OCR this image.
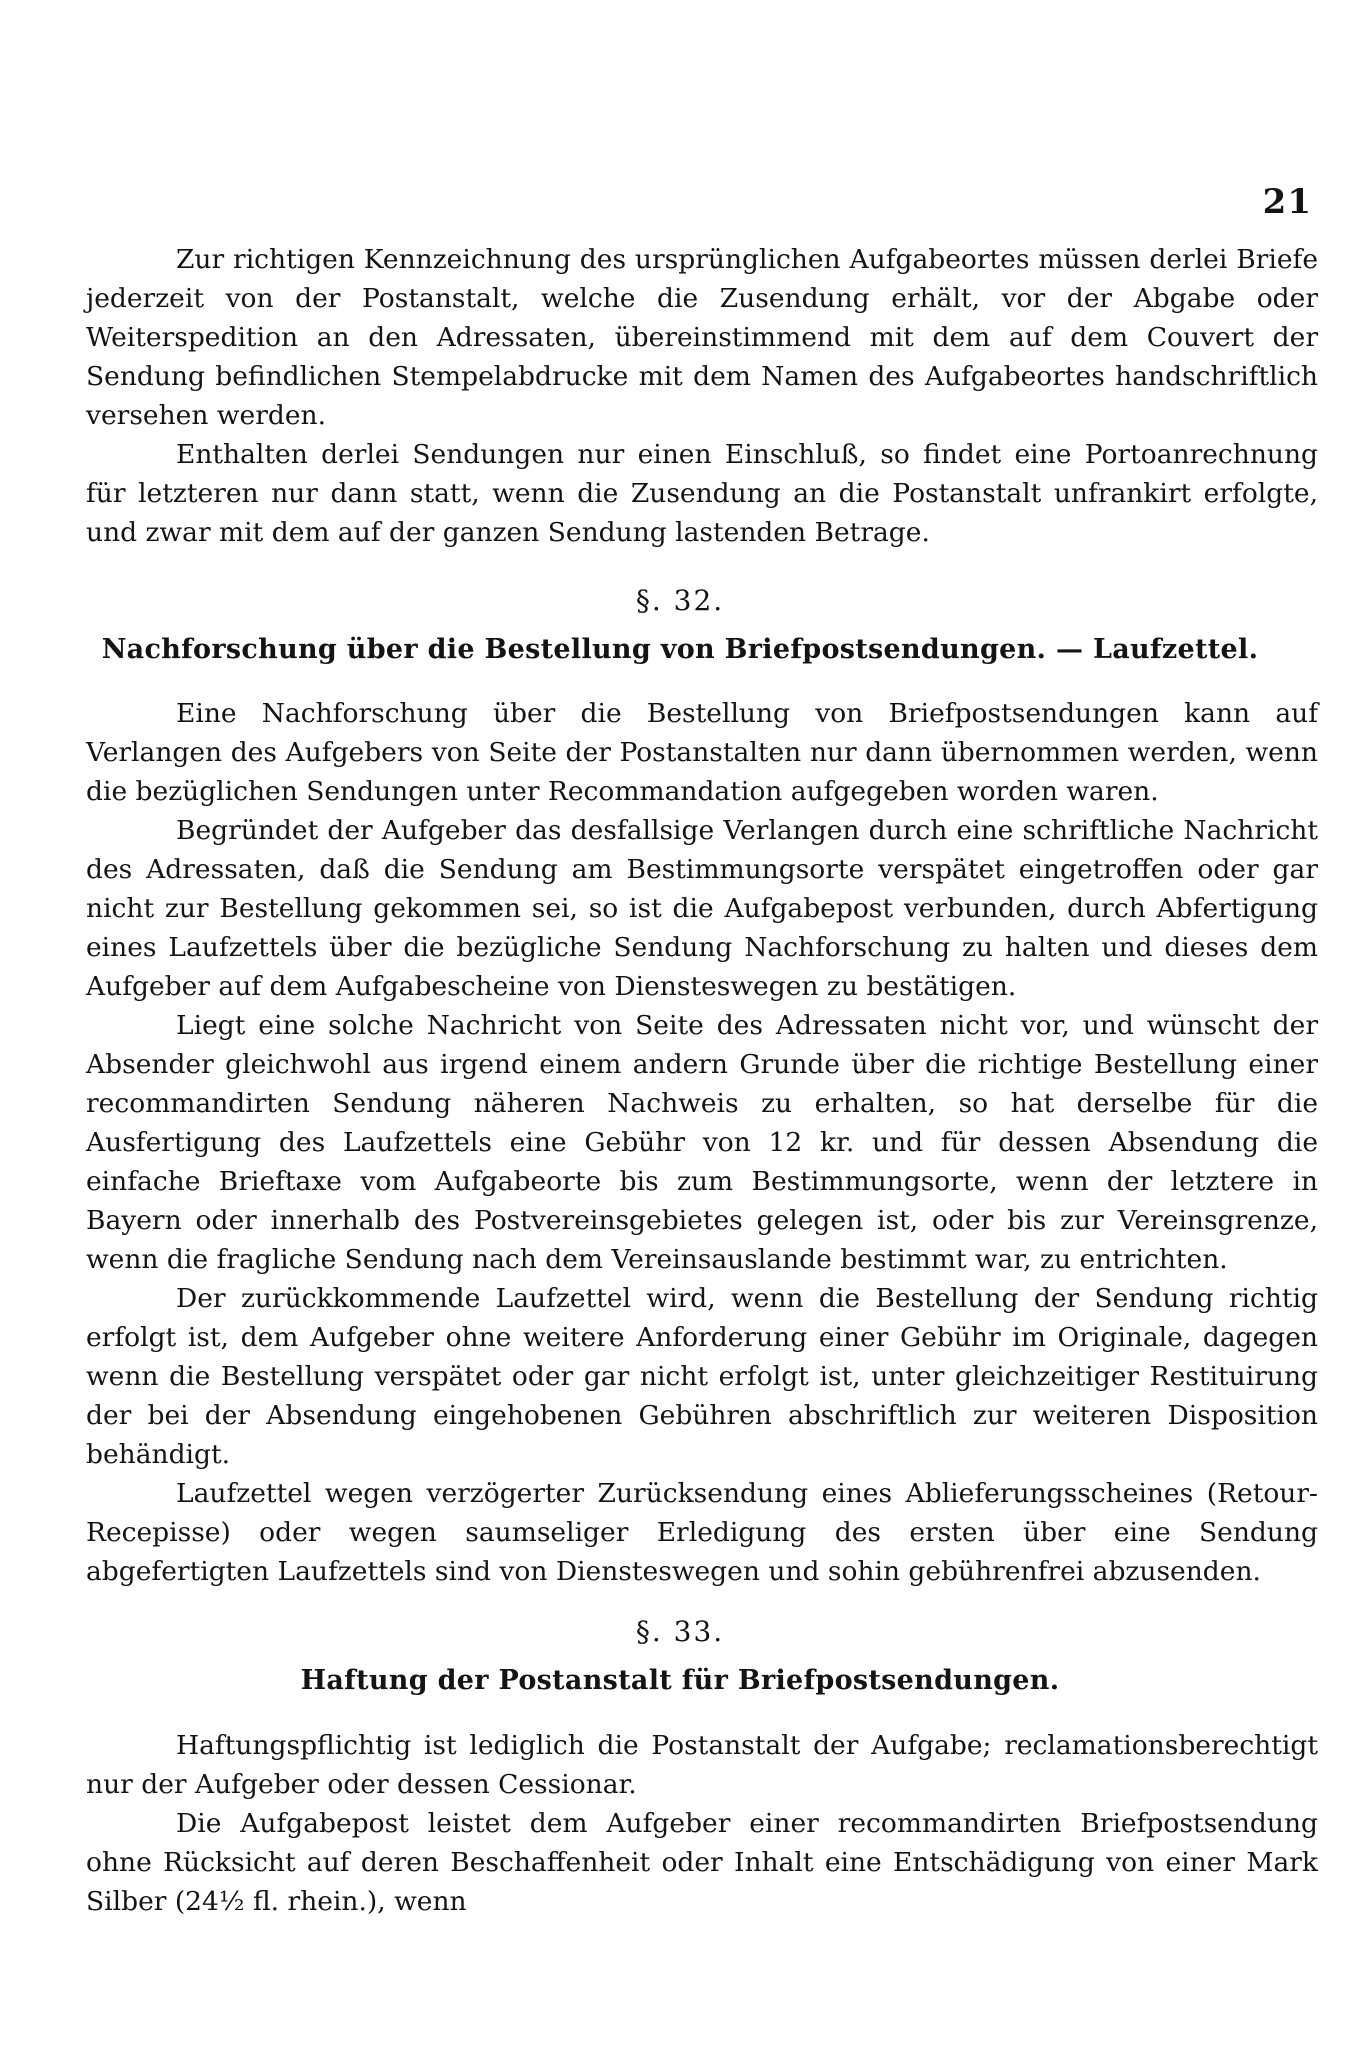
21

Zur richtigen Kennzeichnung des ursprünglichen Aufgabeortes müssen derlei Briefe jederzeit von der Postanstalt, welche die Zusendung erhält, vor der Abgabe oder Weiterspedition an den Adressaten, übereinstimmend mit dem auf dem Couvert der Sendung befindlichen Stempelabdrucke mit dem Namen des Aufgabeortes handschriftlich versehen werden.

Enthalten derlei Sendungen nur einen Einschluß, so findet eine Portoanrechnung für letzteren nur dann statt, wenn die Zusendung an die Postanstalt unfrankirt erfolgte, und zwar mit dem auf der ganzen Sendung lastenden Betrage.

§. 32.
Nachforschung über die Bestellung von Briefpostsendungen. — Laufzettel.

Eine Nachforschung über die Bestellung von Briefpostsendungen kann auf Verlangen des Aufgebers von Seite der Postanstalten nur dann übernommen werden, wenn die bezüglichen Sendungen unter Recommandation aufgegeben worden waren.

Begründet der Aufgeber das desfallsige Verlangen durch eine schriftliche Nachricht des Adressaten, daß die Sendung am Bestimmungsorte verspätet eingetroffen oder gar nicht zur Bestellung gekommen sei, so ist die Aufgabepost verbunden, durch Abfertigung eines Laufzettels über die bezügliche Sendung Nachforschung zu halten und dieses dem Aufgeber auf dem Aufgabescheine von Diensteswegen zu bestätigen.

Liegt eine solche Nachricht von Seite des Adressaten nicht vor, und wünscht der Absender gleichwohl aus irgend einem andern Grunde über die richtige Bestellung einer recommandirten Sendung näheren Nachweis zu erhalten, so hat derselbe für die Ausfertigung des Laufzettels eine Gebühr von 12 kr. und für dessen Absendung die einfache Brieftaxe vom Aufgabeorte bis zum Bestimmungsorte, wenn der letztere in Bayern oder innerhalb des Postvereinsgebietes gelegen ist, oder bis zur Vereinsgrenze, wenn die fragliche Sendung nach dem Vereinsauslande bestimmt war, zu entrichten.

Der zurückkommende Laufzettel wird, wenn die Bestellung der Sendung richtig erfolgt ist, dem Aufgeber ohne weitere Anforderung einer Gebühr im Originale, dagegen wenn die Bestellung verspätet oder gar nicht erfolgt ist, unter gleichzeitiger Restituirung der bei der Absendung eingehobenen Gebühren abschriftlich zur weiteren Disposition behändigt.

Laufzettel wegen verzögerter Zurücksendung eines Ablieferungsscheines (Retour-Recepisse) oder wegen saumseliger Erledigung des ersten über eine Sendung abgefertigten Laufzettels sind von Diensteswegen und sohin gebührenfrei abzusenden.

§. 33.
Haftung der Postanstalt für Briefpostsendungen.

Haftungspflichtig ist lediglich die Postanstalt der Aufgabe; reclamationsberechtigt nur der Aufgeber oder dessen Cessionar.

Die Aufgabepost leistet dem Aufgeber einer recommandirten Briefpostsendung ohne Rücksicht auf deren Beschaffenheit oder Inhalt eine Entschädigung von einer Mark Silber (24½ fl. rhein.), wenn
